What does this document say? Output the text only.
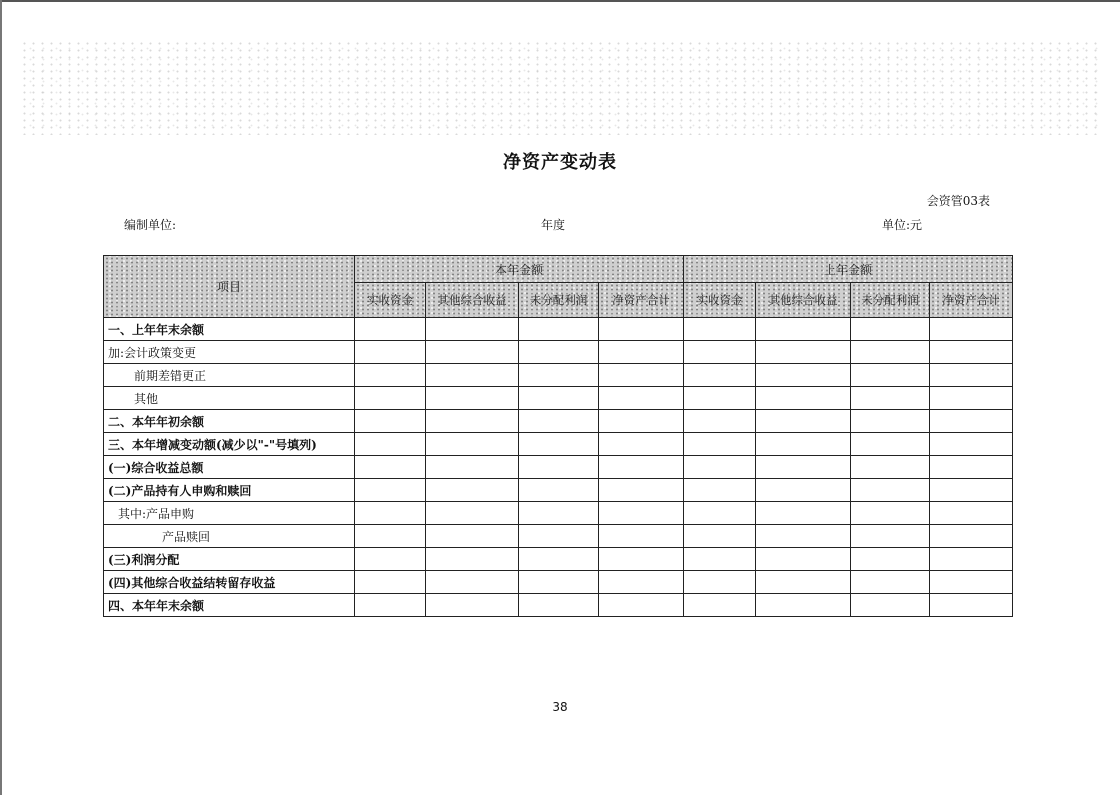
净资产变动表
会资管03表
编制单位:	年度	单位:元
项目	本年金额				上年金额			
	实收资金	其他综合收益	未分配利润	净资产合计	实收资金	其他综合收益	未分配利润	净资产合计
一、上年年末余额								
加:会计政策变更								
前期差错更正								
其他								
二、本年年初余额								
三、本年增减变动额(减少以"-"号填列)								
(一)综合收益总额								
(二)产品持有人申购和赎回								
其中:产品申购								
产品赎回								
(三)利润分配								
(四)其他综合收益结转留存收益								
四、本年年末余额								
38
